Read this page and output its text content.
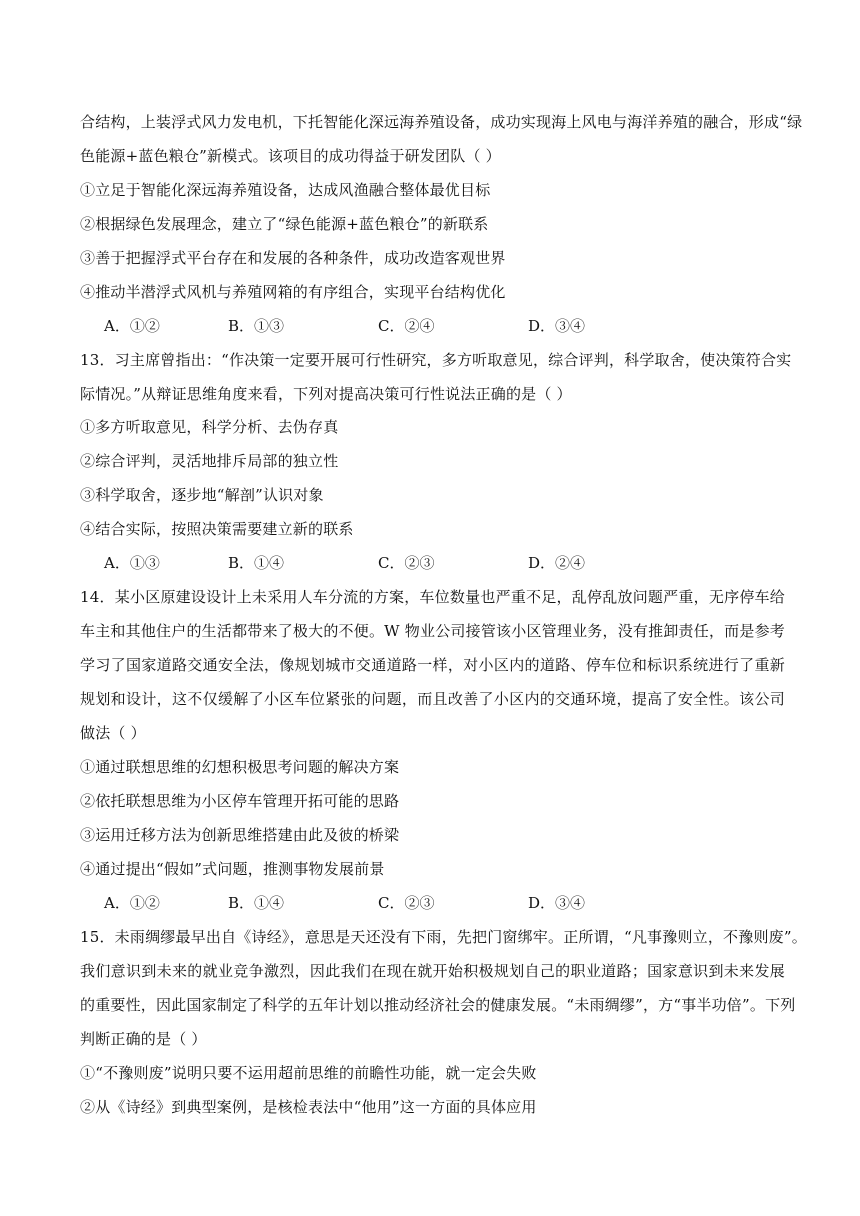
合结构，上装浮式风力发电机，下托智能化深远海养殖设备，成功实现海上风电与海洋养殖的融合，形成“绿
色能源+蓝色粮仓”新模式。该项目的成功得益于研发团队（ ）
①立足于智能化深远海养殖设备，达成风渔融合整体最优目标
②根据绿色发展理念，建立了“绿色能源+蓝色粮仓”的新联系
③善于把握浮式平台存在和发展的各种条件，成功改造客观世界
④推动半潜浮式风机与养殖网箱的有序组合，实现平台结构优化
A．①②	B．①③	C．②④	D．③④
13．习主席曾指出：“作决策一定要开展可行性研究，多方听取意见，综合评判，科学取舍，使决策符合实
际情况。”从辩证思维角度来看，下列对提高决策可行性说法正确的是（ ）
①多方听取意见，科学分析、去伪存真
②综合评判，灵活地排斥局部的独立性
③科学取舍，逐步地“解剖”认识对象
④结合实际，按照决策需要建立新的联系
A．①③	B．①④	C．②③	D．②④
14．某小区原建设设计上未采用人车分流的方案，车位数量也严重不足，乱停乱放问题严重，无序停车给
车主和其他住户的生活都带来了极大的不便。W 物业公司接管该小区管理业务，没有推卸责任，而是参考
学习了国家道路交通安全法，像规划城市交通道路一样，对小区内的道路、停车位和标识系统进行了重新
规划和设计，这不仅缓解了小区车位紧张的问题，而且改善了小区内的交通环境，提高了安全性。该公司
做法（ ）
①通过联想思维的幻想积极思考问题的解决方案
②依托联想思维为小区停车管理开拓可能的思路
③运用迁移方法为创新思维搭建由此及彼的桥梁
④通过提出“假如”式问题，推测事物发展前景
A．①②	B．①④	C．②③	D．③④
15．未雨绸缪最早出自《诗经》，意思是天还没有下雨，先把门窗绑牢。正所谓，“凡事豫则立，不豫则废”。
我们意识到未来的就业竞争激烈，因此我们在现在就开始积极规划自己的职业道路；国家意识到未来发展
的重要性，因此国家制定了科学的五年计划以推动经济社会的健康发展。“未雨绸缪”，方“事半功倍”。下列
判断正确的是（ ）
①“不豫则废”说明只要不运用超前思维的前瞻性功能，就一定会失败
②从《诗经》到典型案例，是核检表法中“他用”这一方面的具体应用
